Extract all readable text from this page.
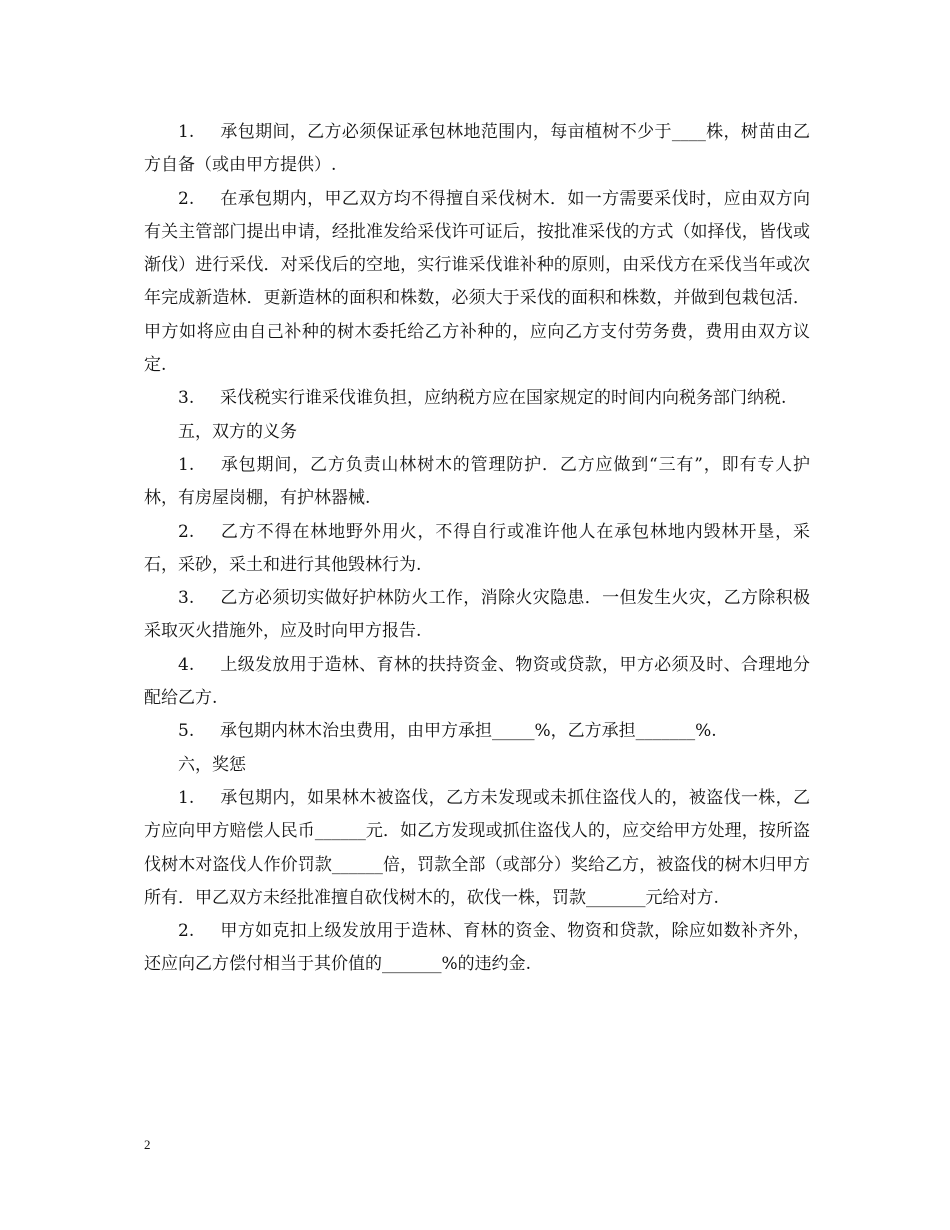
1. 承包期间，乙方必须保证承包林地范围内，每亩植树不少于____株，树苗由乙方自备（或由甲方提供）.

2. 在承包期内，甲乙双方均不得擅自采伐树木．如一方需要采伐时，应由双方向有关主管部门提出申请，经批准发给采伐许可证后，按批准采伐的方式（如择伐，皆伐或渐伐）进行采伐．对采伐后的空地，实行谁采伐谁补种的原则，由采伐方在采伐当年或次年完成新造林．更新造林的面积和株数，必须大于采伐的面积和株数，并做到包栽包活．甲方如将应由自己补种的树木委托给乙方补种的，应向乙方支付劳务费，费用由双方议定.

3. 采伐税实行谁采伐谁负担，应纳税方应在国家规定的时间内向税务部门纳税.

五，双方的义务

1. 承包期间，乙方负责山林树木的管理防护．乙方应做到“三有”，即有专人护林，有房屋岗棚，有护林器械.

2. 乙方不得在林地野外用火，不得自行或准许他人在承包林地内毁林开垦，采石，采砂，采土和进行其他毁林行为.

3. 乙方必须切实做好护林防火工作，消除火灾隐患．一但发生火灾，乙方除积极采取灭火措施外，应及时向甲方报告.

4. 上级发放用于造林、育林的扶持资金、物资或贷款，甲方必须及时、合理地分配给乙方.

5. 承包期内林木治虫费用，由甲方承担_____%，乙方承担_______%.

六，奖惩

1. 承包期内，如果林木被盗伐，乙方未发现或未抓住盗伐人的，被盗伐一株，乙方应向甲方赔偿人民币______元．如乙方发现或抓住盗伐人的，应交给甲方处理，按所盗伐树木对盗伐人作价罚款______倍，罚款全部（或部分）奖给乙方，被盗伐的树木归甲方所有．甲乙双方未经批准擅自砍伐树木的，砍伐一株，罚款_______元给对方.

2. 甲方如克扣上级发放用于造林、育林的资金、物资和贷款，除应如数补齐外，还应向乙方偿付相当于其价值的_______%的违约金.

2
